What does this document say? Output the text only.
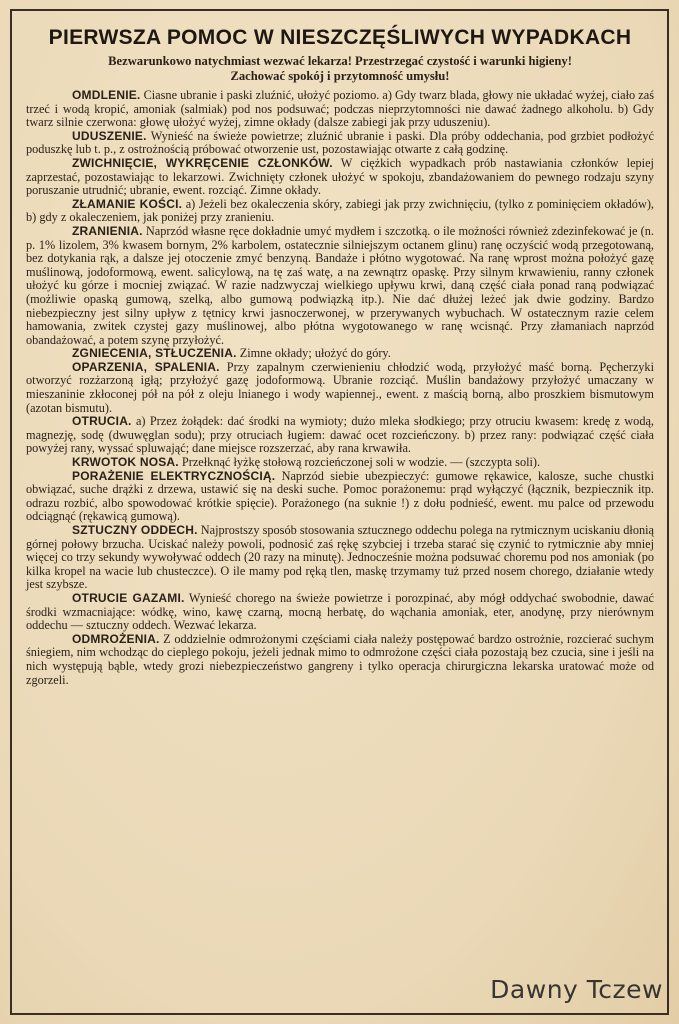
PIERWSZA POMOC W NIESZCZĘŚLIWYCH WYPADKACH
Bezwarunkowo natychmiast wezwać lekarza! Przestrzegać czystość i warunki higieny!
Zachować spokój i przytomność umysłu!

OMDLENIE. Ciasne ubranie i paski zluźnić, ułożyć poziomo. a) Gdy twarz blada, głowy nie układać wyżej, ciało zaś trzeć i wodą kropić, amoniak (salmiak) pod nos podsuwać; podczas nieprzytomności nie dawać żadnego alkoholu. b) Gdy twarz silnie czerwona: głowę ułożyć wyżej, zimne okłady (dalsze zabiegi jak przy uduszeniu).

UDUSZENIE. Wynieść na świeże powietrze; zluźnić ubranie i paski. Dla próby oddechania, pod grzbiet podłożyć poduszkę lub t. p., z ostrożnością próbować otworzenie ust, pozostawiając otwarte z całą godzinę.

ZWICHNIĘCIE, WYKRĘCENIE CZŁONKÓW. W ciężkich wypadkach prób nastawiania członków lepiej zaprzestać, pozostawiając to lekarzowi. Zwichnięty członek ułożyć w spokoju, zbandażowaniem do pewnego rodzaju szyny poruszanie utrudnić; ubranie, ewent. rozciąć. Zimne okłady.

ZŁAMANIE KOŚCI. a) Jeżeli bez okaleczenia skóry, zabiegi jak przy zwichnięciu, (tylko z pominięciem okładów), b) gdy z okaleczeniem, jak poniżej przy zranieniu.

ZRANIENIA. Naprzód własne ręce dokładnie umyć mydłem i szczotką. o ile możności również zdezinfekować je (n. p. 1% lizolem, 3% kwasem bornym, 2% karbolem, ostatecznie silniejszym octanem glinu) ranę oczyścić wodą przegotowaną, bez dotykania rąk, a dalsze jej otoczenie zmyć benzyną. Bandaże i płótno wygotować. Na ranę wprost można położyć gazę muślinową, jodoformową, ewent. salicylową, na tę zaś watę, a na zewnątrz opaskę. Przy silnym krwawieniu, ranny członek ułożyć ku górze i mocniej związać. W razie nadzwyczaj wielkiego upływu krwi, daną część ciała ponad raną podwiązać (możliwie opaską gumową, szelką, albo gumową podwiązką itp.). Nie dać dłużej leżeć jak dwie godziny. Bardzo niebezpieczny jest silny upływ z tętnicy krwi jasnoczerwonej, w przerywanych wybuchach. W ostatecznym razie celem hamowania, zwitek czystej gazy muślinowej, albo płótna wygotowanego w ranę wcisnąć. Przy złamaniach naprzód obandażować, a potem szynę przyłożyć.

ZGNIECENIA, STŁUCZENIA. Zimne okłady; ułożyć do góry.

OPARZENIA, SPALENIA. Przy zapalnym czerwienieniu chłodzić wodą, przyłożyć maść borną. Pęcherzyki otworzyć rozżarzoną igłą; przyłożyć gazę jodoformową. Ubranie rozciąć. Muślin bandażowy przyłożyć umaczany w mieszaninie zkłoconej pół na pół z oleju lnianego i wody wapiennej., ewent. z maścią borną, albo proszkiem bismutowym (azotan bismutu).

OTRUCIA. a) Przez żołądek: dać środki na wymioty; dużo mleka słodkiego; przy otruciu kwasem: kredę z wodą, magnezję, sodę (dwuwęglan sodu); przy otruciach ługiem: dawać ocet rozcieńczony. b) przez rany: podwiązać część ciała powyżej rany, wyssać spluwająć; dane miejsce rozszerzać, aby rana krwawiła.

KRWOTOK NOSA. Przełknąć łyżkę stołową rozcieńczonej soli w wodzie. — (szczypta soli).

PORAŻENIE ELEKTRYCZNOŚCIĄ. Naprzód siebie ubezpieczyć: gumowe rękawice, kalosze, suche chustki obwiązać, suche drążki z drzewa, ustawić się na deski suche. Pomoc porażonemu: prąd wyłączyć (łącznik, bezpiecznik itp. odrazu rozbić, albo spowodować krótkie spięcie). Porażonego (na suknie !) z dołu podnieść, ewent. mu palce od przewodu odciągnąć (rękawicą gumową).

SZTUCZNY ODDECH. Najprostszy sposób stosowania sztucznego oddechu polega na rytmicznym uciskaniu dłonią górnej połowy brzucha. Uciskać należy powoli, podnosić zaś rękę szybciej i trzeba starać się czynić to rytmicznie aby mniej więcej co trzy sekundy wywoływać oddech (20 razy na minutę). Jednocześnie można podsuwać choremu pod nos amoniak (po kilka kropel na wacie lub chusteczce). O ile mamy pod ręką tlen, maskę trzymamy tuż przed nosem chorego, działanie wtedy jest szybsze.

OTRUCIE GAZAMI. Wynieść chorego na świeże powietrze i porozpinać, aby mógł oddychać swobodnie, dawać środki wzmacniające: wódkę, wino, kawę czarną, mocną herbatę, do wąchania amoniak, eter, anodynę, przy nierównym oddechu — sztuczny oddech. Wezwać lekarza.

ODMROŻENIA. Z oddzielnie odmrożonymi częściami ciała należy postępować bardzo ostrożnie, rozcierać suchym śniegiem, nim wchodząc do cieplego pokoju, jeżeli jednak mimo to odmrożone części ciała pozostają bez czucia, sine i jeśli na nich występują bąble, wtedy grozi niebezpieczeństwo gangreny i tylko operacja chirurgiczna lekarska uratować może od zgorzeli.

Dawny Tczew
